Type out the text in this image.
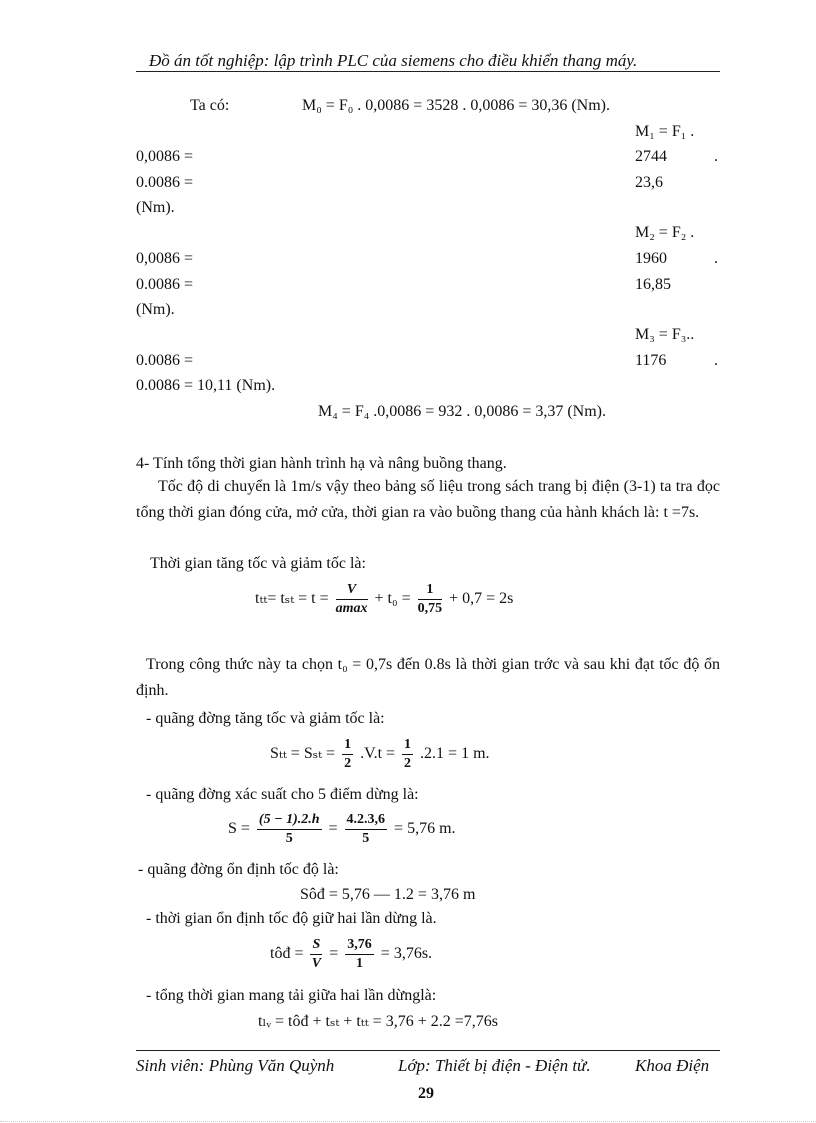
Đồ án tốt nghiệp: lập trình PLC của siemens cho điều khiển thang máy.
Ta có:	M₀ = F₀ . 0,0086 = 3528 . 0,0086 = 30,36 (Nm).
M₁ = F₁ .
0,0086 =	2744	.
0.0086 =	23,6
(Nm).
M₂ = F₂ .
0,0086 =	1960	.
0.0086 =	16,85
(Nm).
M₃ = F₃..
0.0086 =	1176	.
0.0086 = 10,11 (Nm).
M₄ = F₄ .0,0086 = 932 . 0,0086 = 3,37 (Nm).
4- Tính tổng thời gian hành trình hạ và nâng buồng thang.
Tốc độ di chuyển là 1m/s vậy theo bảng số liệu trong sách trang bị điện (3-1) ta tra đọc tổng thời gian đóng cửa, mở cửa, thời gian ra vào buồng thang của hành khách là: t =7s.
Thời gian tăng tốc và giảm tốc là:
$t_{tt}= t_{st} = t = \frac{V}{amax} + t_0 = \frac{1}{0,75} + 0,7 = 2s$
Trong công thức này ta chọn t₀ = 0,7s đến 0.8s là thời gian trớc và sau khi đạt tốc độ ổn định.
- quãng đờng tăng tốc và giảm tốc là:
$S_{tt} = S_{st} = \frac{1}{2} .V.t = \frac{1}{2} .2.1 = 1$ m.
- quãng đờng xác suất cho 5 điểm dừng là:
$S = \frac{(5 - 1).2.h}{5} = \frac{4.2.3,6}{5} = 5,76$ m.
- quãng đờng ổn định tốc độ là:
Sôđ = 5,76 — 1.2 = 3,76 m
- thời gian ổn định tốc độ giữ hai lần dừng là.
tôđ = $\frac{S}{V} = \frac{3,76}{1} = 3,76s$.
- tổng thời gian mang tải giữa hai lần dừnglà:
tₗᵥ = tôđ + tₛₜ + tₜₜ = 3,76 + 2.2 =7,76s
Sinh viên: Phùng Văn Quỳnh	Lớp: Thiết bị điện - Điện tử.	Khoa Điện
29
